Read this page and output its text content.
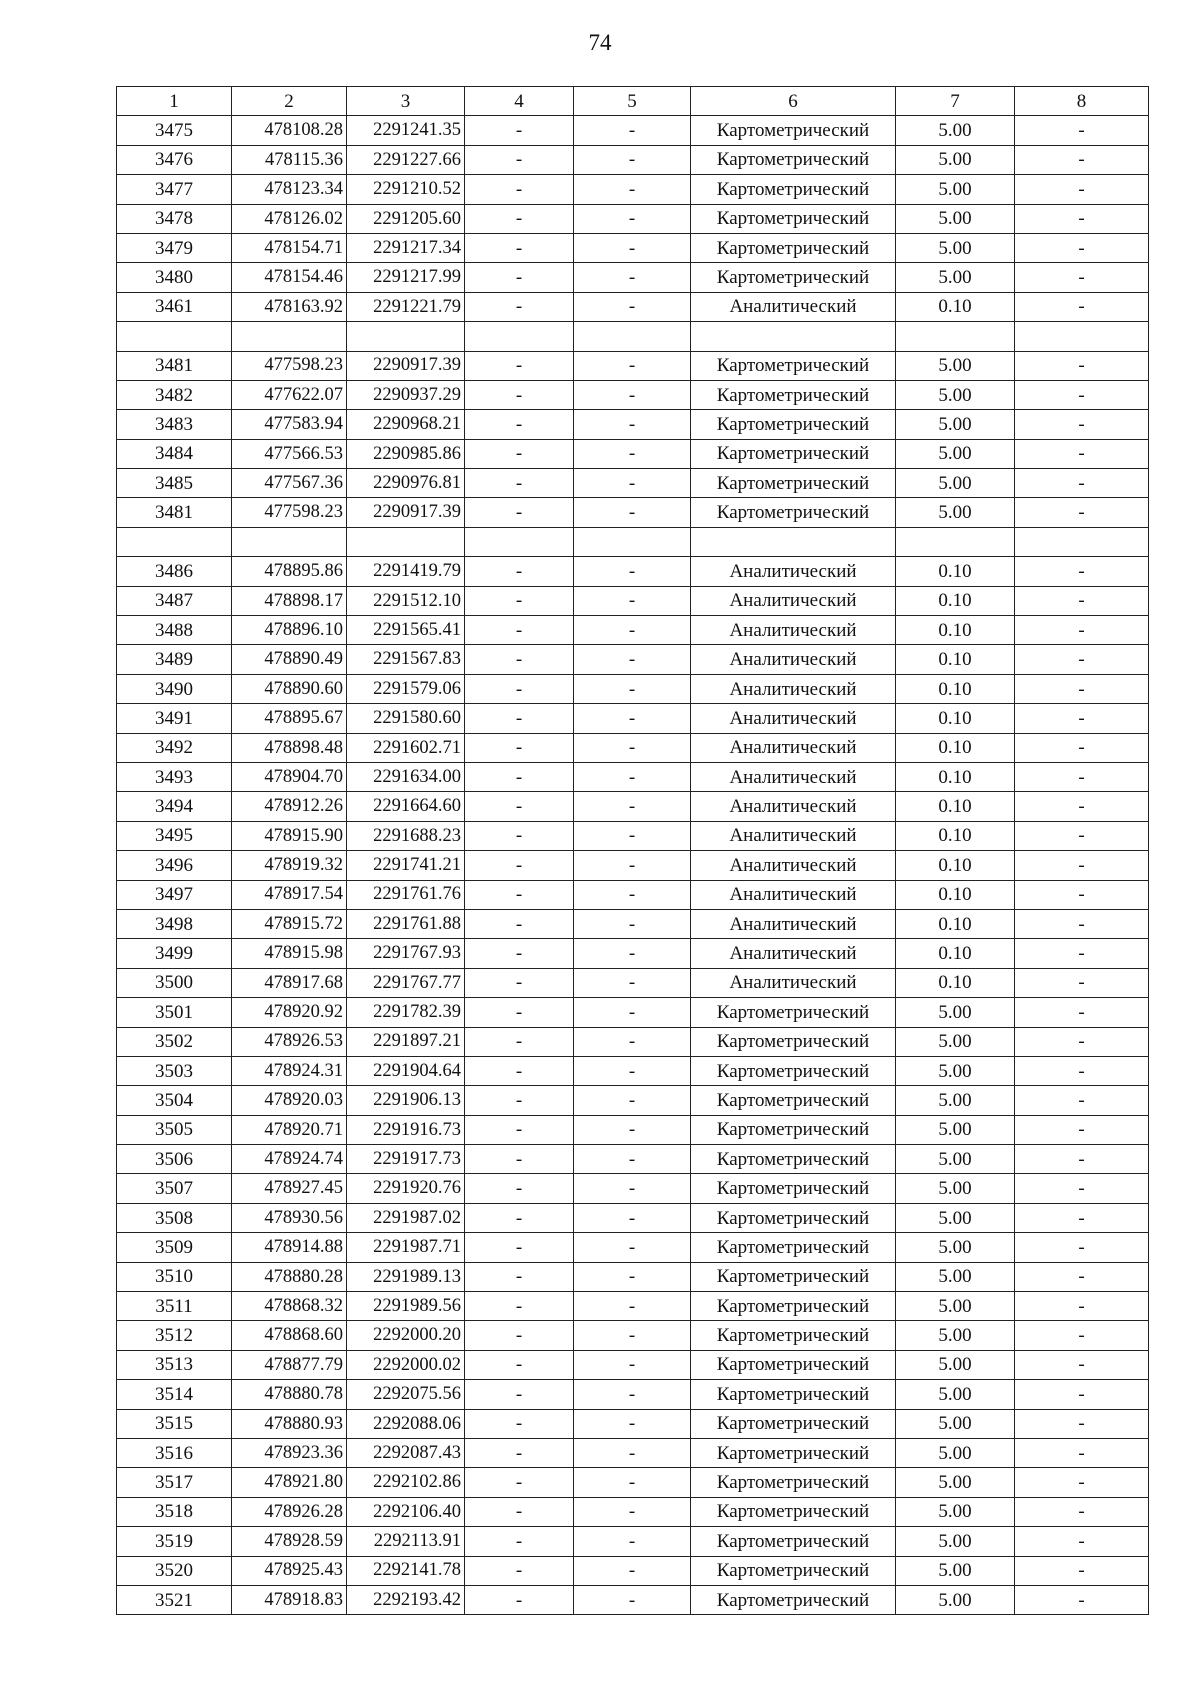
74
1	2	3	4	5	6	7	8
3475	478108.28	2291241.35	-	-	Картометрический	5.00	-
3476	478115.36	2291227.66	-	-	Картометрический	5.00	-
3477	478123.34	2291210.52	-	-	Картометрический	5.00	-
3478	478126.02	2291205.60	-	-	Картометрический	5.00	-
3479	478154.71	2291217.34	-	-	Картометрический	5.00	-
3480	478154.46	2291217.99	-	-	Картометрический	5.00	-
3461	478163.92	2291221.79	-	-	Аналитический	0.10	-

3481	477598.23	2290917.39	-	-	Картометрический	5.00	-
3482	477622.07	2290937.29	-	-	Картометрический	5.00	-
3483	477583.94	2290968.21	-	-	Картометрический	5.00	-
3484	477566.53	2290985.86	-	-	Картометрический	5.00	-
3485	477567.36	2290976.81	-	-	Картометрический	5.00	-
3481	477598.23	2290917.39	-	-	Картометрический	5.00	-

3486	478895.86	2291419.79	-	-	Аналитический	0.10	-
3487	478898.17	2291512.10	-	-	Аналитический	0.10	-
3488	478896.10	2291565.41	-	-	Аналитический	0.10	-
3489	478890.49	2291567.83	-	-	Аналитический	0.10	-
3490	478890.60	2291579.06	-	-	Аналитический	0.10	-
3491	478895.67	2291580.60	-	-	Аналитический	0.10	-
3492	478898.48	2291602.71	-	-	Аналитический	0.10	-
3493	478904.70	2291634.00	-	-	Аналитический	0.10	-
3494	478912.26	2291664.60	-	-	Аналитический	0.10	-
3495	478915.90	2291688.23	-	-	Аналитический	0.10	-
3496	478919.32	2291741.21	-	-	Аналитический	0.10	-
3497	478917.54	2291761.76	-	-	Аналитический	0.10	-
3498	478915.72	2291761.88	-	-	Аналитический	0.10	-
3499	478915.98	2291767.93	-	-	Аналитический	0.10	-
3500	478917.68	2291767.77	-	-	Аналитический	0.10	-
3501	478920.92	2291782.39	-	-	Картометрический	5.00	-
3502	478926.53	2291897.21	-	-	Картометрический	5.00	-
3503	478924.31	2291904.64	-	-	Картометрический	5.00	-
3504	478920.03	2291906.13	-	-	Картометрический	5.00	-
3505	478920.71	2291916.73	-	-	Картометрический	5.00	-
3506	478924.74	2291917.73	-	-	Картометрический	5.00	-
3507	478927.45	2291920.76	-	-	Картометрический	5.00	-
3508	478930.56	2291987.02	-	-	Картометрический	5.00	-
3509	478914.88	2291987.71	-	-	Картометрический	5.00	-
3510	478880.28	2291989.13	-	-	Картометрический	5.00	-
3511	478868.32	2291989.56	-	-	Картометрический	5.00	-
3512	478868.60	2292000.20	-	-	Картометрический	5.00	-
3513	478877.79	2292000.02	-	-	Картометрический	5.00	-
3514	478880.78	2292075.56	-	-	Картометрический	5.00	-
3515	478880.93	2292088.06	-	-	Картометрический	5.00	-
3516	478923.36	2292087.43	-	-	Картометрический	5.00	-
3517	478921.80	2292102.86	-	-	Картометрический	5.00	-
3518	478926.28	2292106.40	-	-	Картометрический	5.00	-
3519	478928.59	2292113.91	-	-	Картометрический	5.00	-
3520	478925.43	2292141.78	-	-	Картометрический	5.00	-
3521	478918.83	2292193.42	-	-	Картометрический	5.00	-
